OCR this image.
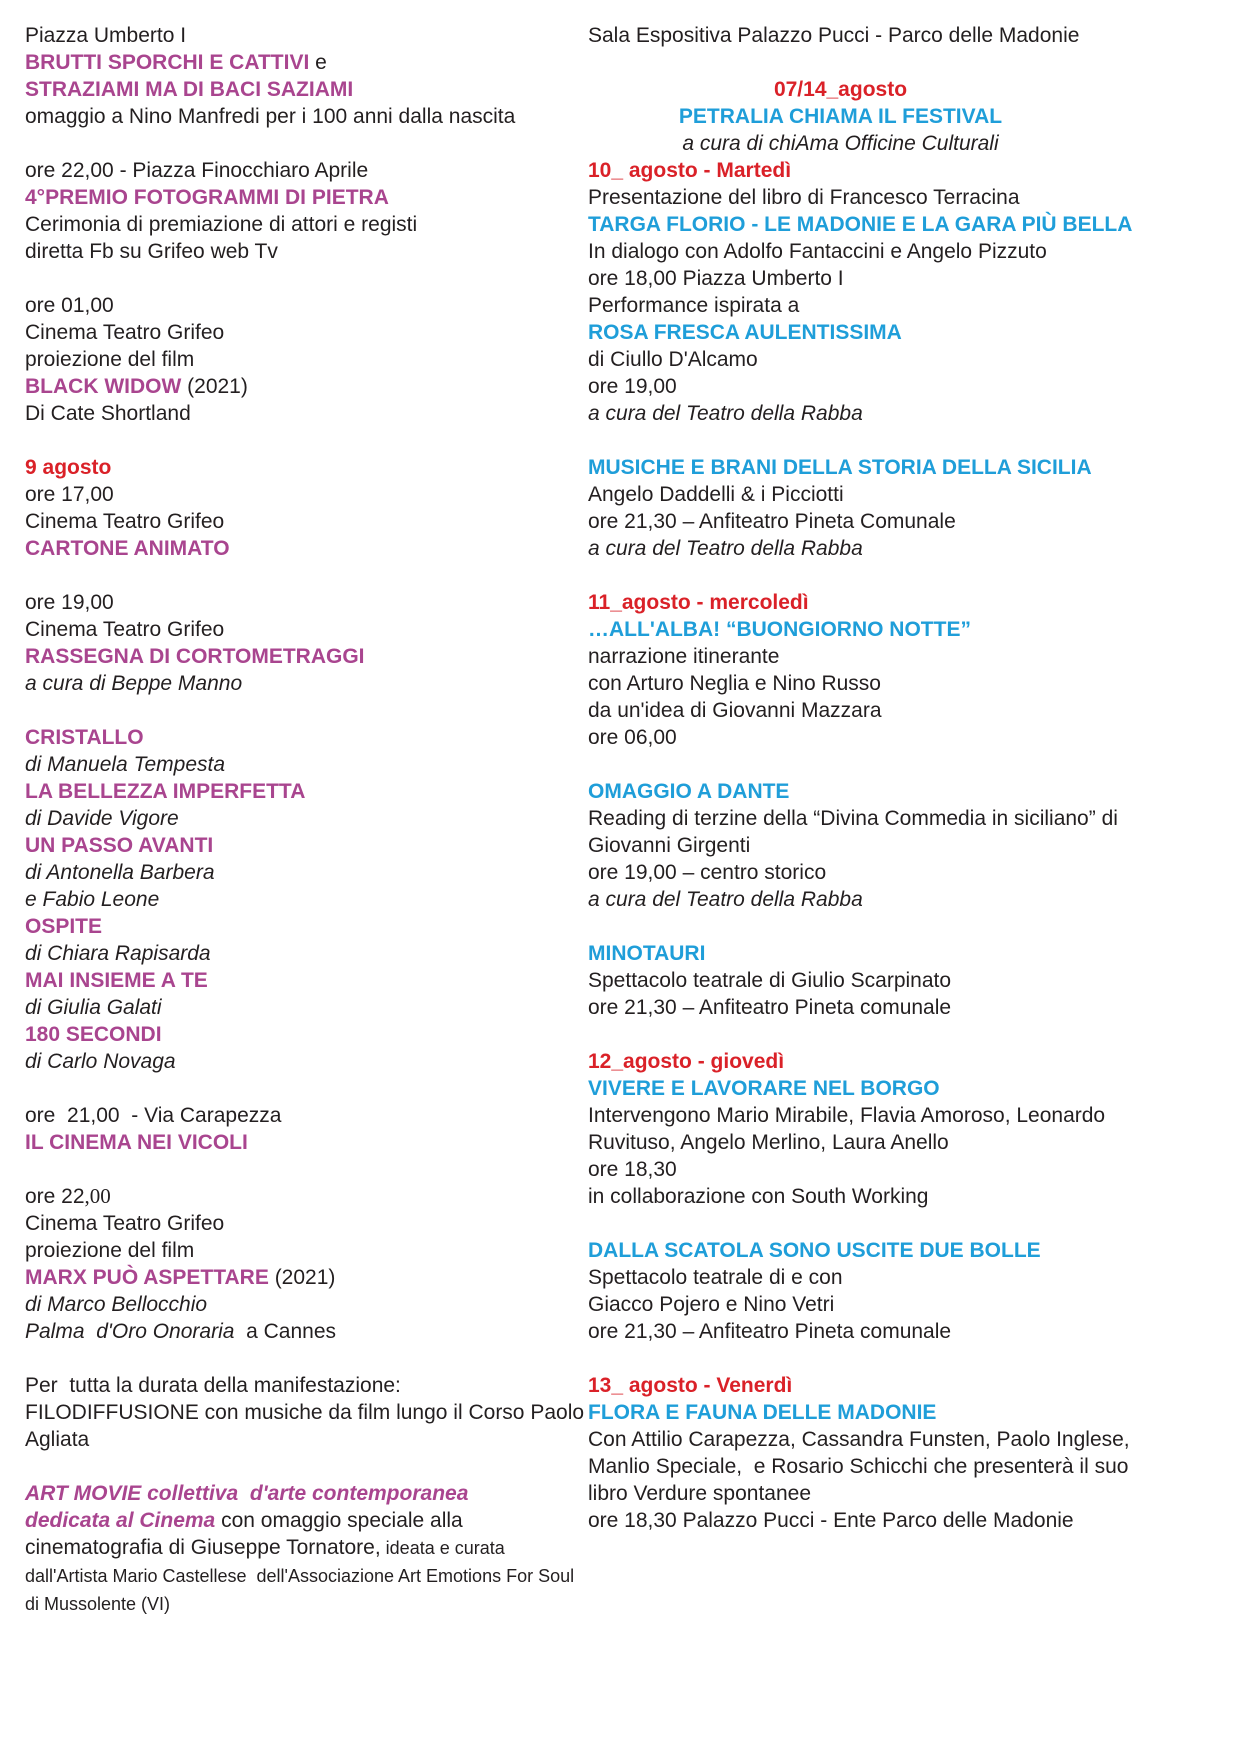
Piazza Umberto I
BRUTTI SPORCHI E CATTIVI e
STRAZIAMI MA DI BACI SAZIAMI
omaggio a Nino Manfredi per i 100 anni dalla nascita

ore 22,00 - Piazza Finocchiaro Aprile
4°PREMIO FOTOGRAMMI DI PIETRA
Cerimonia di premiazione di attori e registi
diretta Fb su Grifeo web Tv

ore 01,00
Cinema Teatro Grifeo
proiezione del film
BLACK WIDOW (2021)
Di Cate Shortland

9 agosto
ore 17,00
Cinema Teatro Grifeo
CARTONE ANIMATO

ore 19,00
Cinema Teatro Grifeo
RASSEGNA DI CORTOMETRAGGI
a cura di Beppe Manno

CRISTALLO
di Manuela Tempesta
LA BELLEZZA IMPERFETTA
di Davide Vigore
UN PASSO AVANTI
di Antonella Barbera
e Fabio Leone
OSPITE
di Chiara Rapisarda
MAI INSIEME A TE
di Giulia Galati
180 SECONDI
di Carlo Novaga

ore  21,00  - Via Carapezza
IL CINEMA NEI VICOLI

ore 22,00
Cinema Teatro Grifeo
proiezione del film
MARX PUÒ ASPETTARE (2021)
di Marco Bellocchio
Palma  d'Oro Onoraria  a Cannes

Per  tutta la durata della manifestazione:
FILODIFFUSIONE con musiche da film lungo il Corso Paolo
Agliata

ART MOVIE collettiva  d'arte contemporanea
dedicata al Cinema con omaggio speciale alla
cinematografia di Giuseppe Tornatore, ideata e curata
dall'Artista Mario Castellese  dell'Associazione Art Emotions For Soul
di Mussolente (VI)
Sala Espositiva Palazzo Pucci - Parco delle Madonie

07/14_agosto
PETRALIA CHIAMA IL FESTIVAL
a cura di chiAma Officine Culturali
10_ agosto - Martedì
Presentazione del libro di Francesco Terracina
TARGA FLORIO - LE MADONIE E LA GARA PIÙ BELLA
In dialogo con Adolfo Fantaccini e Angelo Pizzuto
ore 18,00 Piazza Umberto I
Performance ispirata a
ROSA FRESCA AULENTISSIMA
di Ciullo D'Alcamo
ore 19,00
a cura del Teatro della Rabba

MUSICHE E BRANI DELLA STORIA DELLA SICILIA
Angelo Daddelli & i Picciotti
ore 21,30 – Anfiteatro Pineta Comunale
a cura del Teatro della Rabba

11_agosto - mercoledì
…ALL'ALBA! “BUONGIORNO NOTTE”
narrazione itinerante
con Arturo Neglia e Nino Russo
da un'idea di Giovanni Mazzara
ore 06,00

OMAGGIO A DANTE
Reading di terzine della “Divina Commedia in siciliano” di
Giovanni Girgenti
ore 19,00 – centro storico
a cura del Teatro della Rabba

MINOTAURI
Spettacolo teatrale di Giulio Scarpinato
ore 21,30 – Anfiteatro Pineta comunale

12_agosto - giovedì
VIVERE E LAVORARE NEL BORGO
Intervengono Mario Mirabile, Flavia Amoroso, Leonardo
Ruvituso, Angelo Merlino, Laura Anello
ore 18,30
in collaborazione con South Working

DALLA SCATOLA SONO USCITE DUE BOLLE
Spettacolo teatrale di e con
Giacco Pojero e Nino Vetri
ore 21,30 – Anfiteatro Pineta comunale

13_ agosto - Venerdì
FLORA E FAUNA DELLE MADONIE
Con Attilio Carapezza, Cassandra Funsten, Paolo Inglese,
Manlio Speciale,  e Rosario Schicchi che presenterà il suo
libro Verdure spontanee
ore 18,30 Palazzo Pucci - Ente Parco delle Madonie
